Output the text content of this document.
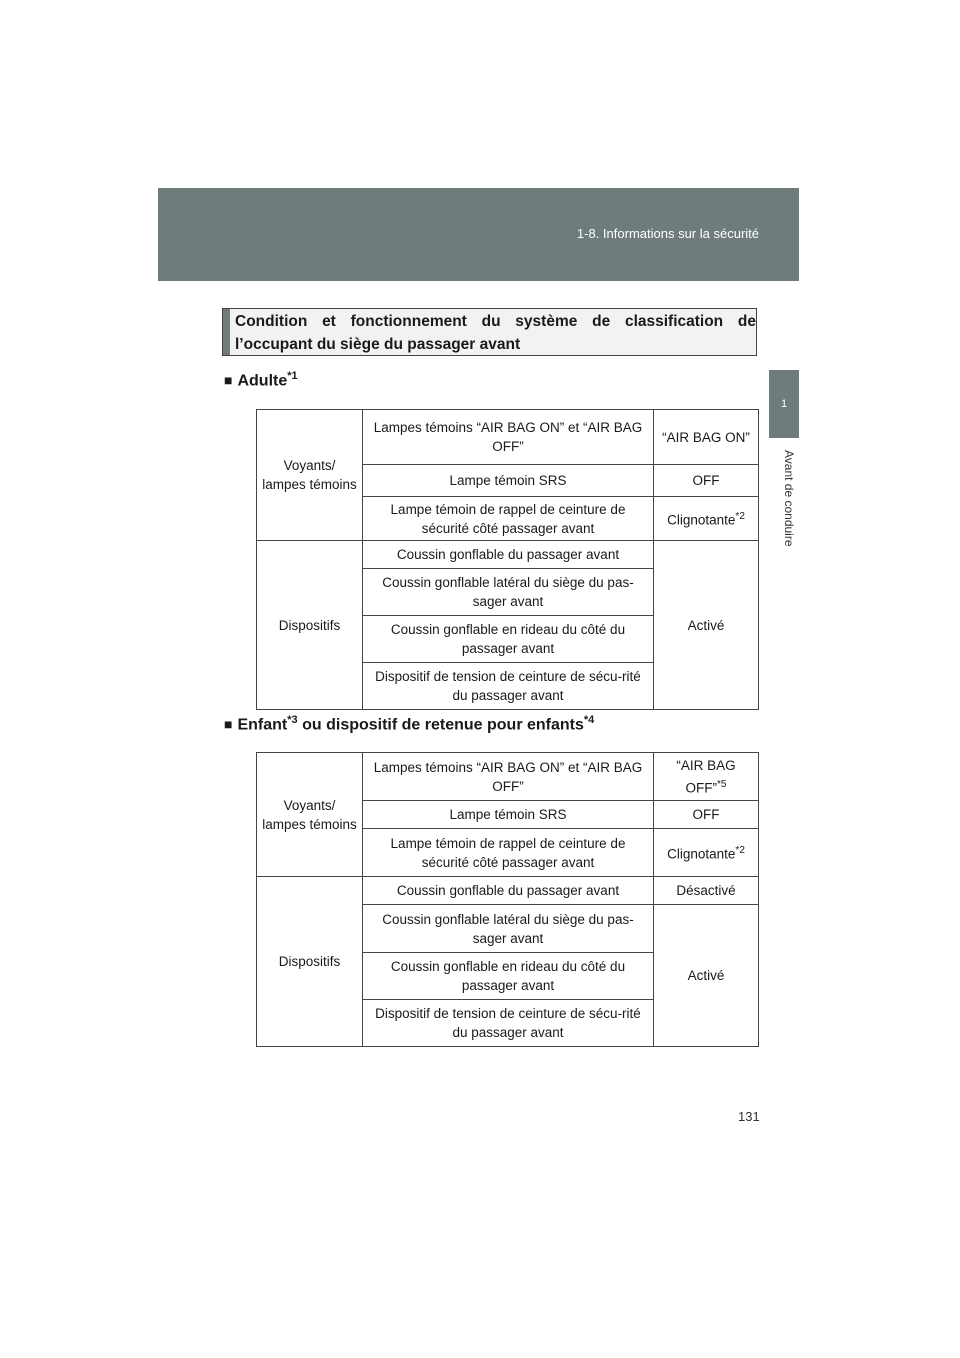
1-8. Informations sur la sécurité
1
Avant de conduire

Condition et fonctionnement du système de classification de l’occupant du siège du passager avant

■ Adulte$^{*1}$
Voyants/ lampes témoins	Lampes témoins “AIR BAG ON” et “AIR BAG OFF”	“AIR BAG ON”
	Lampe témoin SRS	OFF
	Lampe témoin de rappel de ceinture de sécurité côté passager avant	Clignotante$^{*2}$
Dispositifs	Coussin gonflable du passager avant	Activé
	Coussin gonflable latéral du siège du pas-sager avant	
	Coussin gonflable en rideau du côté du passager avant	
	Dispositif de tension de ceinture de sécu-rité du passager avant	
■ Enfant$^{*3}$ ou dispositif de retenue pour enfants$^{*4}$
Voyants/ lampes témoins	Lampes témoins “AIR BAG ON” et “AIR BAG OFF”	“AIR BAG OFF”$^{*5}$
	Lampe témoin SRS	OFF
	Lampe témoin de rappel de ceinture de sécurité côté passager avant	Clignotante$^{*2}$
Dispositifs	Coussin gonflable du passager avant	Désactivé
	Coussin gonflable latéral du siège du pas-sager avant	Activé
	Coussin gonflable en rideau du côté du passager avant	
	Dispositif de tension de ceinture de sécu-rité du passager avant	
131
